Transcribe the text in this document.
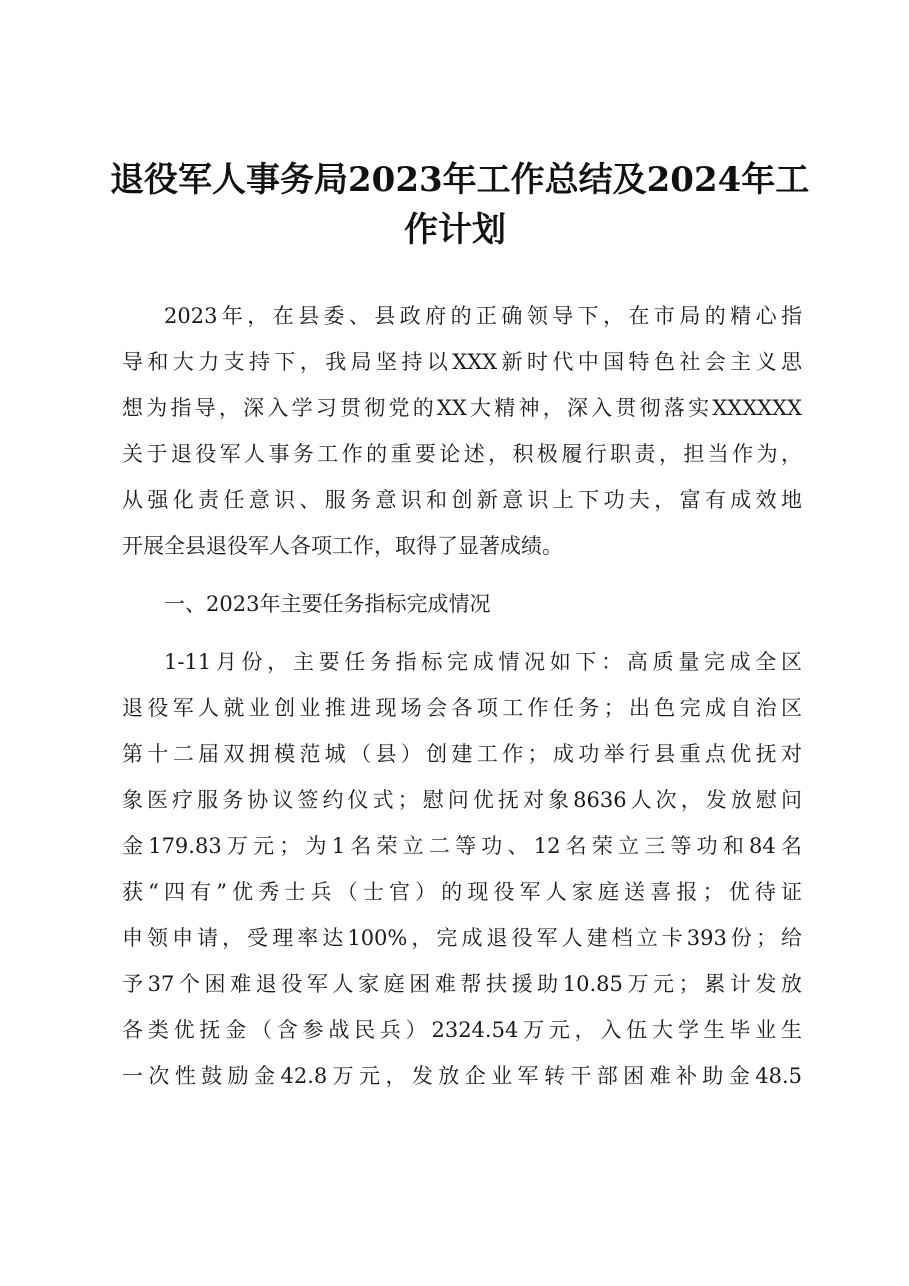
退役军人事务局2023年工作总结及2024年工
作计划
2023年，在县委、县政府的正确领导下，在市局的精心指
导和大力支持下，我局坚持以XXX新时代中国特色社会主义思
想为指导，深入学习贯彻党的XX大精神，深入贯彻落实XXXXXX
关于退役军人事务工作的重要论述，积极履行职责，担当作为，
从强化责任意识、服务意识和创新意识上下功夫，富有成效地
开展全县退役军人各项工作，取得了显著成绩。
一、2023年主要任务指标完成情况
1-11月份，主要任务指标完成情况如下：高质量完成全区
退役军人就业创业推进现场会各项工作任务；出色完成自治区
第十二届双拥模范城（县）创建工作；成功举行县重点优抚对
象医疗服务协议签约仪式；慰问优抚对象8636人次，发放慰问
金179.83万元；为1名荣立二等功、12名荣立三等功和84名
获“四有”优秀士兵（士官）的现役军人家庭送喜报；优待证
申领申请，受理率达100%，完成退役军人建档立卡393份；给
予37个困难退役军人家庭困难帮扶援助10.85万元；累计发放
各类优抚金（含参战民兵）2324.54万元，入伍大学生毕业生
一次性鼓励金42.8万元，发放企业军转干部困难补助金48.5
